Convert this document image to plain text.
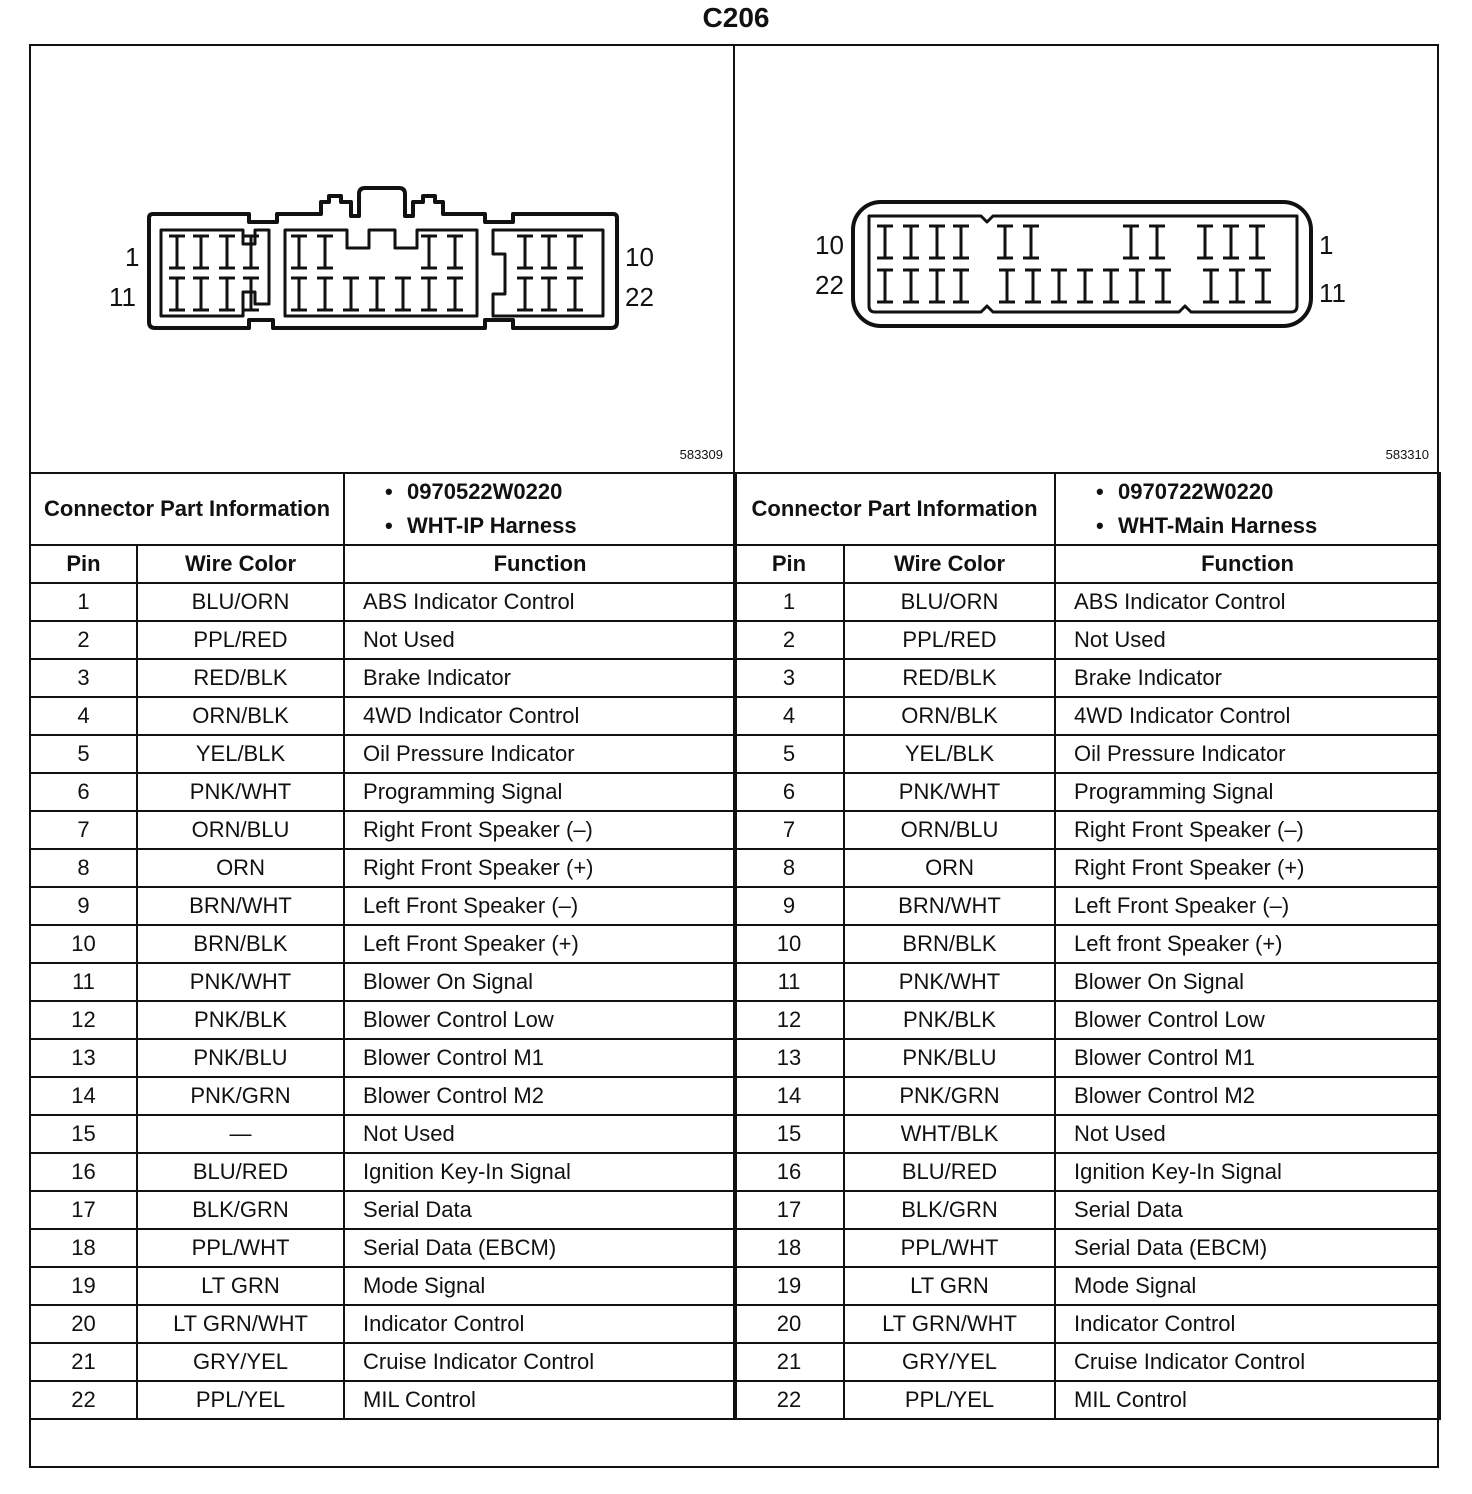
C206
1
11
10
22
583309
10
22
1
11
583310
Connector Part Information		• 0970522W0220
• WHT-IP Harness

Pin	Wire Color	Function
1	BLU/ORN	ABS Indicator Control
2	PPL/RED	Not Used
3	RED/BLK	Brake Indicator
4	ORN/BLK	4WD Indicator Control
5	YEL/BLK	Oil Pressure Indicator
6	PNK/WHT	Programming Signal
7	ORN/BLU	Right Front Speaker (–)
8	ORN	Right Front Speaker (+)
9	BRN/WHT	Left Front Speaker (–)
10	BRN/BLK	Left Front Speaker (+)
11	PNK/WHT	Blower On Signal
12	PNK/BLK	Blower Control Low
13	PNK/BLU	Blower Control M1
14	PNK/GRN	Blower Control M2
15	—	Not Used
16	BLU/RED	Ignition Key-In Signal
17	BLK/GRN	Serial Data
18	PPL/WHT	Serial Data (EBCM)
19	LT GRN	Mode Signal
20	LT GRN/WHT	Indicator Control
21	GRY/YEL	Cruise Indicator Control
22	PPL/YEL	MIL Control
Connector Part Information		• 0970722W0220
• WHT-Main Harness

Pin	Wire Color	Function
1	BLU/ORN	ABS Indicator Control
2	PPL/RED	Not Used
3	RED/BLK	Brake Indicator
4	ORN/BLK	4WD Indicator Control
5	YEL/BLK	Oil Pressure Indicator
6	PNK/WHT	Programming Signal
7	ORN/BLU	Right Front Speaker (–)
8	ORN	Right Front Speaker (+)
9	BRN/WHT	Left Front Speaker (–)
10	BRN/BLK	Left front Speaker (+)
11	PNK/WHT	Blower On Signal
12	PNK/BLK	Blower Control Low
13	PNK/BLU	Blower Control M1
14	PNK/GRN	Blower Control M2
15	WHT/BLK	Not Used
16	BLU/RED	Ignition Key-In Signal
17	BLK/GRN	Serial Data
18	PPL/WHT	Serial Data (EBCM)
19	LT GRN	Mode Signal
20	LT GRN/WHT	Indicator Control
21	GRY/YEL	Cruise Indicator Control
22	PPL/YEL	MIL Control
